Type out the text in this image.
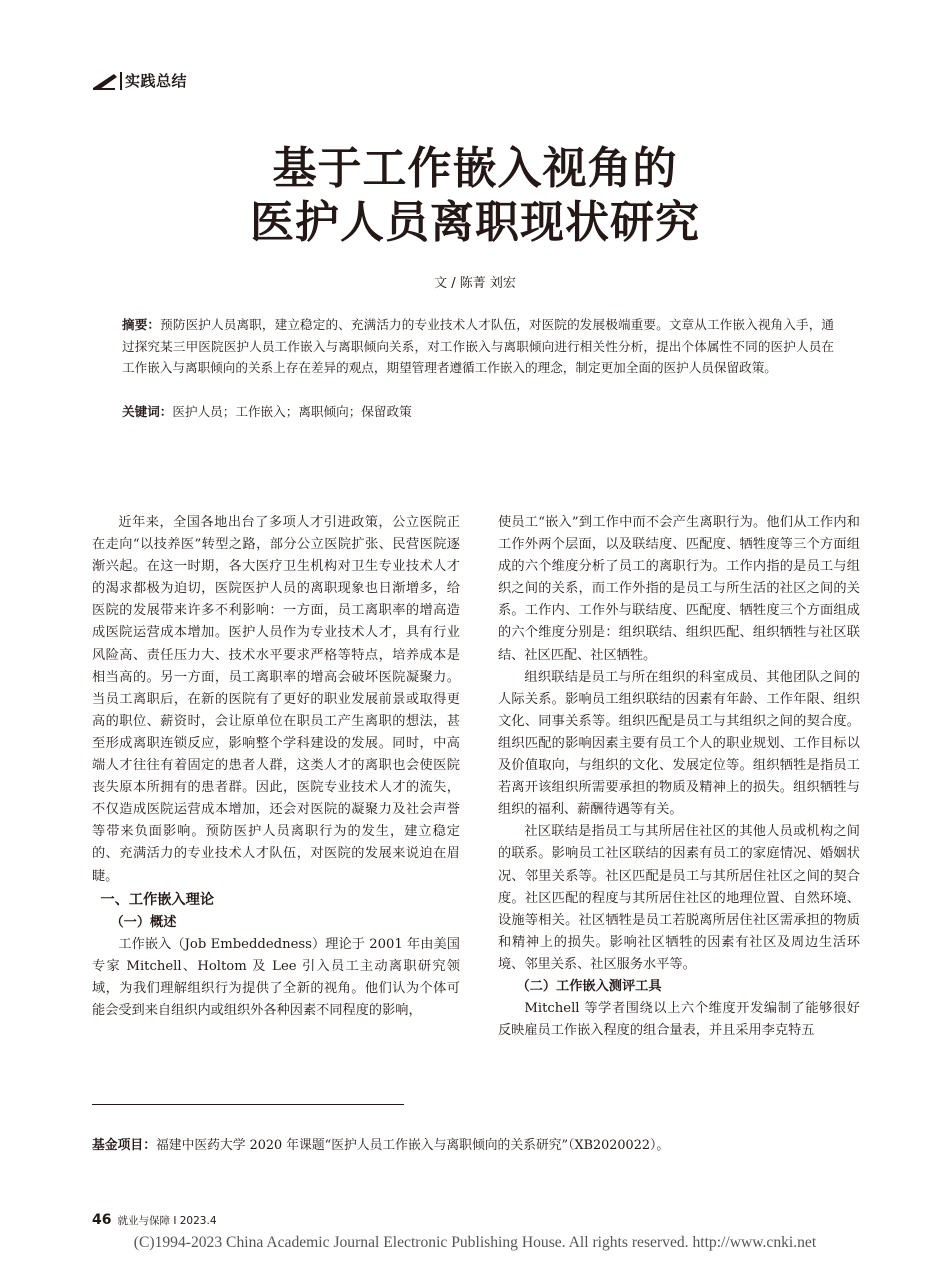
实践总结
基于工作嵌入视角的
医护人员离职现状研究
文 / 陈菁 刘宏
摘要：预防医护人员离职，建立稳定的、充满活力的专业技术人才队伍，对医院的发展极端重要。文章从工作嵌入视角入手，通过探究某三甲医院医护人员工作嵌入与离职倾向关系，对工作嵌入与离职倾向进行相关性分析，提出个体属性不同的医护人员在工作嵌入与离职倾向的关系上存在差异的观点，期望管理者遵循工作嵌入的理念，制定更加全面的医护人员保留政策。
关键词：医护人员；工作嵌入；离职倾向；保留政策

近年来，全国各地出台了多项人才引进政策，公立医院正在走向“以技养医”转型之路，部分公立医院扩张、民营医院逐渐兴起。在这一时期，各大医疗卫生机构对卫生专业技术人才的渴求都极为迫切，医院医护人员的离职现象也日渐增多，给医院的发展带来许多不利影响：一方面，员工离职率的增高造成医院运营成本增加。医护人员作为专业技术人才，具有行业风险高、责任压力大、技术水平要求严格等特点，培养成本是相当高的。另一方面，员工离职率的增高会破坏医院凝聚力。当员工离职后，在新的医院有了更好的职业发展前景或取得更高的职位、薪资时，会让原单位在职员工产生离职的想法，甚至形成离职连锁反应，影响整个学科建设的发展。同时，中高端人才往往有着固定的患者人群，这类人才的离职也会使医院丧失原本所拥有的患者群。因此，医院专业技术人才的流失，不仅造成医院运营成本增加，还会对医院的凝聚力及社会声誉等带来负面影响。预防医护人员离职行为的发生，建立稳定的、充满活力的专业技术人才队伍，对医院的发展来说迫在眉睫。

一、工作嵌入理论

（一）概述

工作嵌入（Job Embeddedness）理论于 2001 年由美国专家 Mitchell、Holtom 及 Lee 引入员工主动离职研究领域，为我们理解组织行为提供了全新的视角。他们认为个体可能会受到来自组织内或组织外各种因素不同程度的影响，

使员工“嵌入”到工作中而不会产生离职行为。他们从工作内和工作外两个层面，以及联结度、匹配度、牺牲度等三个方面组成的六个维度分析了员工的离职行为。工作内指的是员工与组织之间的关系，而工作外指的是员工与所生活的社区之间的关系。工作内、工作外与联结度、匹配度、牺牲度三个方面组成的六个维度分别是：组织联结、组织匹配、组织牺牲与社区联结、社区匹配、社区牺牲。

组织联结是员工与所在组织的科室成员、其他团队之间的人际关系。影响员工组织联结的因素有年龄、工作年限、组织文化、同事关系等。组织匹配是员工与其组织之间的契合度。组织匹配的影响因素主要有员工个人的职业规划、工作目标以及价值取向，与组织的文化、发展定位等。组织牺牲是指员工若离开该组织所需要承担的物质及精神上的损失。组织牺牲与组织的福利、薪酬待遇等有关。

社区联结是指员工与其所居住社区的其他人员或机构之间的联系。影响员工社区联结的因素有员工的家庭情况、婚姻状况、邻里关系等。社区匹配是员工与其所居住社区之间的契合度。社区匹配的程度与其所居住社区的地理位置、自然环境、设施等相关。社区牺牲是员工若脱离所居住社区需承担的物质和精神上的损失。影响社区牺牲的因素有社区及周边生活环境、邻里关系、社区服务水平等。

（二）工作嵌入测评工具

Mitchell 等学者围绕以上六个维度开发编制了能够很好反映雇员工作嵌入程度的组合量表，并且采用李克特五

基金项目：福建中医药大学 2020 年课题“医护人员工作嵌入与离职倾向的关系研究”（XB2020022）。
46 就业与保障 I 2023.4
(C)1994-2023 China Academic Journal Electronic Publishing House. All rights reserved. http://www.cnki.net
